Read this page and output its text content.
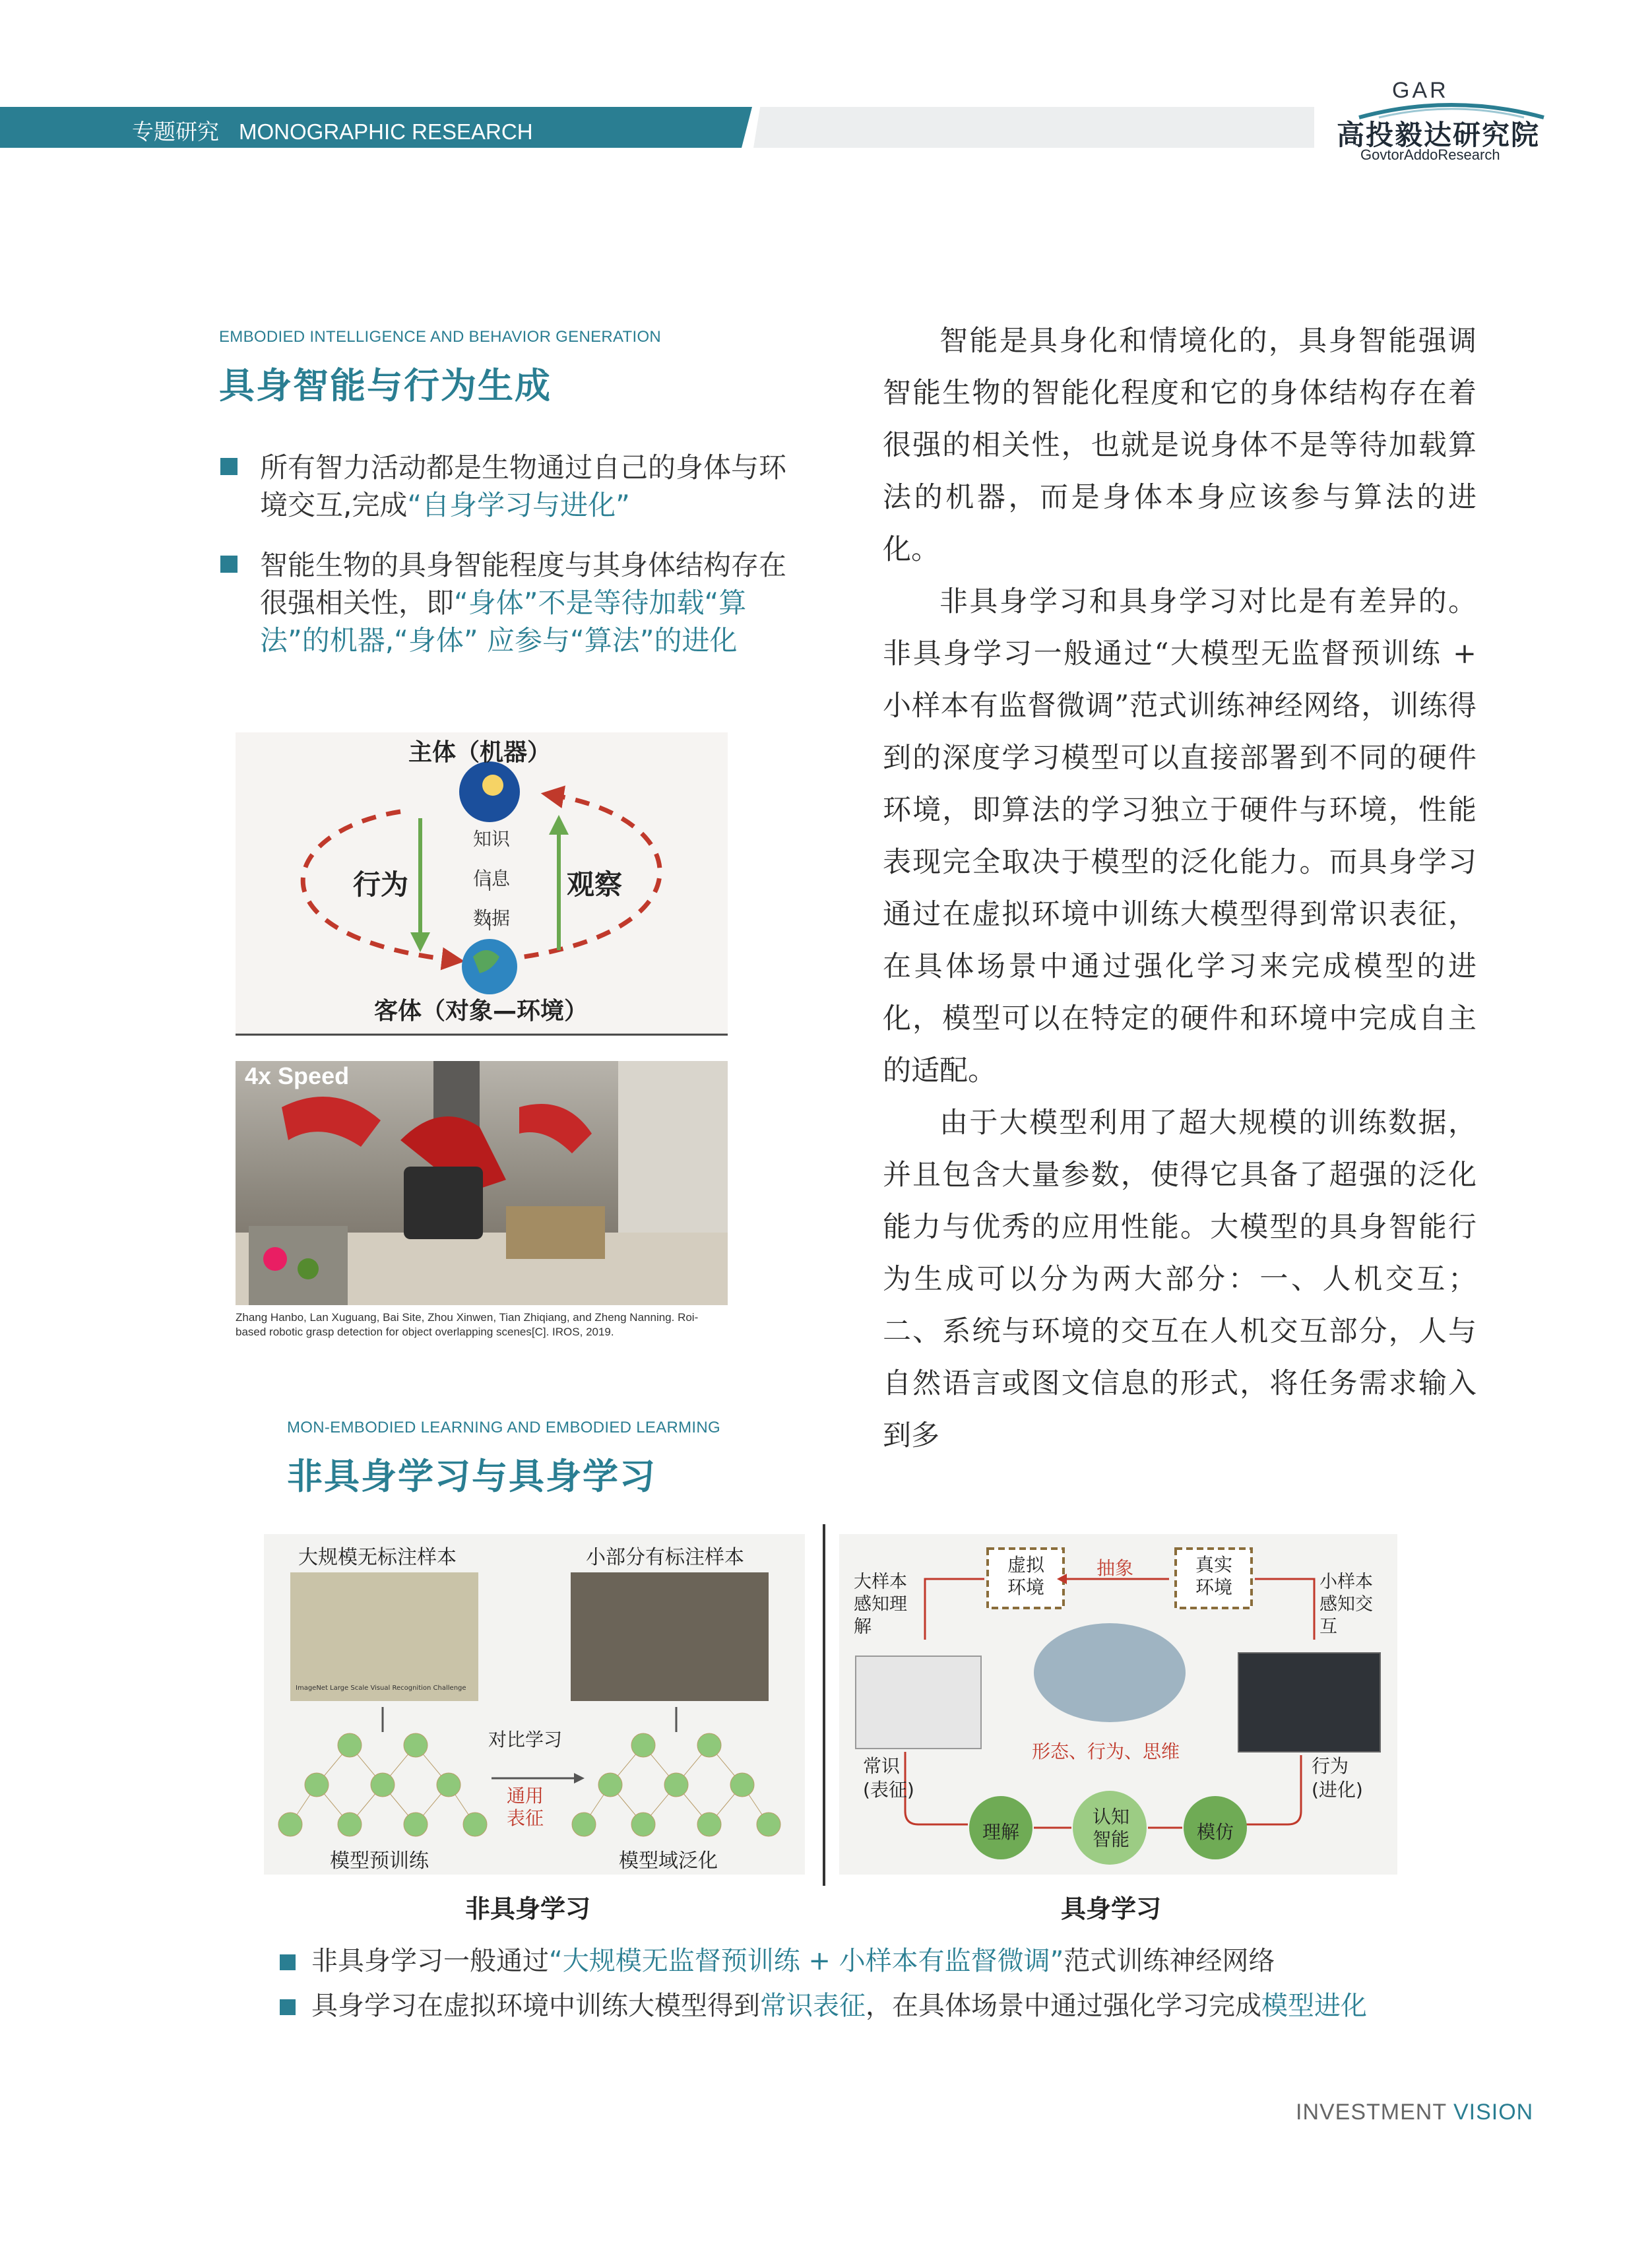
专题研究 MONOGRAPHIC RESEARCH
GAR
高投毅达研究院
GovtorAddoResearch
EMBODIED INTELLIGENCE AND BEHAVIOR GENERATION
具身智能与行为生成
所有智力活动都是生物通过自己的身体与环境交互,完成“自身学习与进化”
智能生物的具身智能程度与其身体结构存在很强相关性，即“身体”不是等待加载“算法”的机器,“身体” 应参与“算法”的进化
主体（机器）
行为	观察
知识
信息
数据
客体（对象—环境）
4x Speed
Zhang Hanbo, Lan Xuguang, Bai Site, Zhou Xinwen, Tian Zhiqiang, and Zheng Nanning. Roi-based robotic grasp detection for object overlapping scenes[C]. IROS, 2019.

智能是具身化和情境化的，具身智能强调智能生物的智能化程度和它的身体结构存在着很强的相关性，也就是说身体不是等待加载算法的机器，而是身体本身应该参与算法的进化。

非具身学习和具身学习对比是有差异的。非具身学习一般通过“大模型无监督预训练 + 小样本有监督微调”范式训练神经网络，训练得到的深度学习模型可以直接部署到不同的硬件环境，即算法的学习独立于硬件与环境，性能表现完全取决于模型的泛化能力。而具身学习通过在虚拟环境中训练大模型得到常识表征，在具体场景中通过强化学习来完成模型的进化，模型可以在特定的硬件和环境中完成自主的适配。

由于大模型利用了超大规模的训练数据，并且包含大量参数，使得它具备了超强的泛化能力与优秀的应用性能。大模型的具身智能行为生成可以分为两大部分：一、人机交互；二、系统与环境的交互在人机交互部分，人与自然语言或图文信息的形式，将任务需求输入到多

MON-EMBODIED LEARNING AND EMBODIED LEARMING
非具身学习与具身学习
大规模无标注样本	小部分有标注样本
ImageNet Large Scale Visual Recognition Challenge
对比学习
通用表征
模型预训练	模型域泛化
虚拟环境
抽象	真实环境
大样本感知理解
小样本感知交互
形态、行为、思维
常识(表征)
行为(进化)
理解
认知智能	模仿
非具身学习	具身学习
非具身学习一般通过“大规模无监督预训练 + 小样本有监督微调”范式训练神经网络
具身学习在虚拟环境中训练大模型得到常识表征，在具体场景中通过强化学习完成模型进化
INVESTMENT VISION
